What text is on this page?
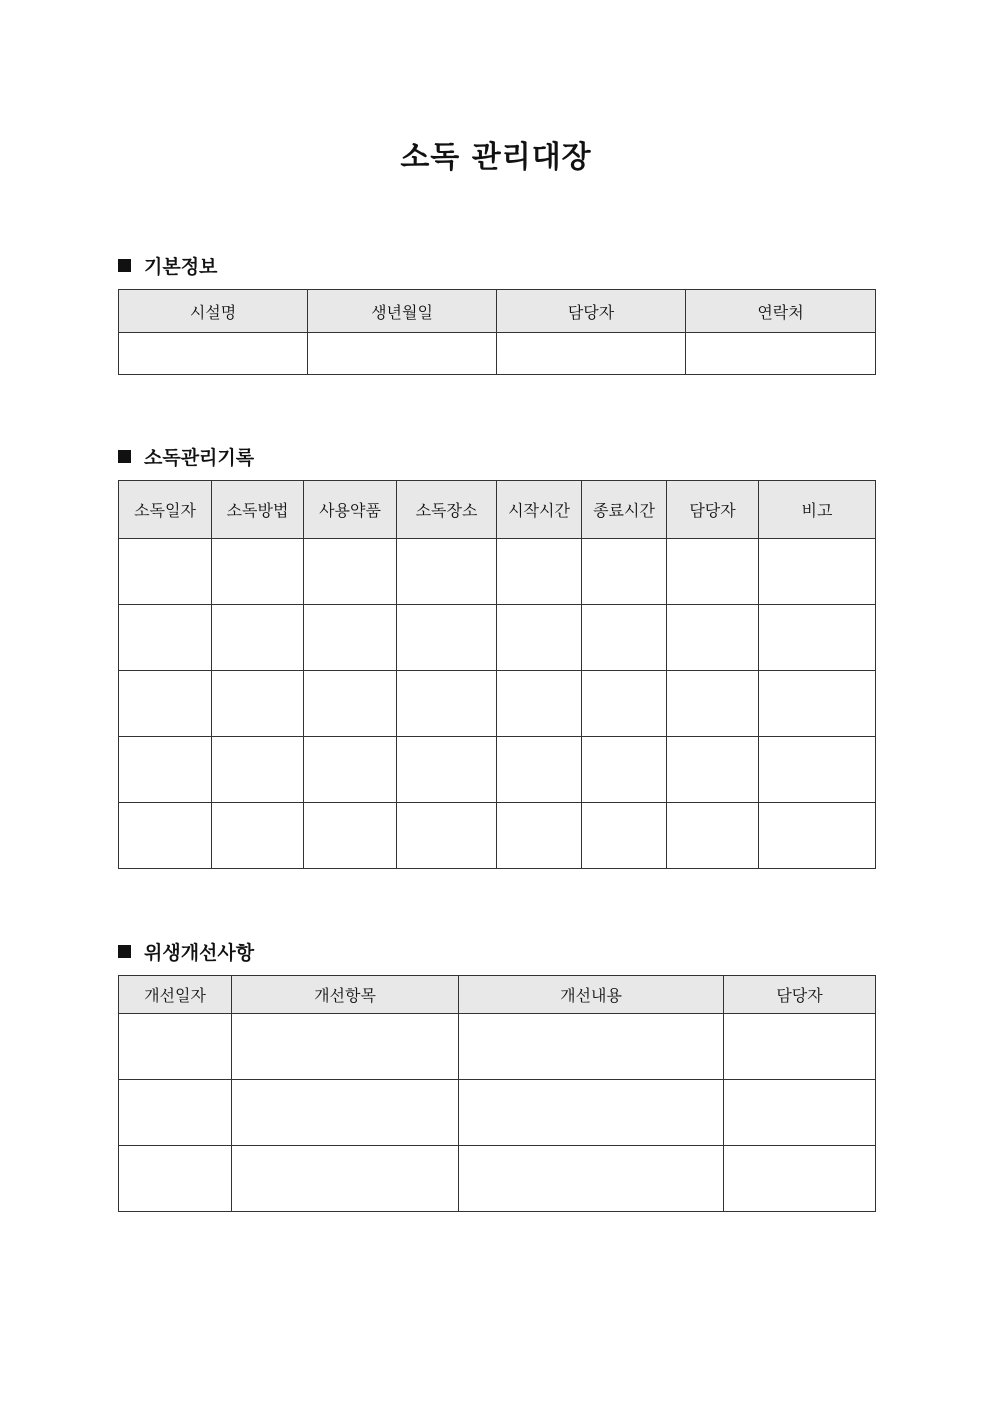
소독 관리대장
기본정보
시설명	생년월일	담당자	연락처

소독관리기록
소독일자	소독방법	사용약품	소독장소	시작시간	종료시간	담당자	비고

위생개선사항
개선일자	개선항목	개선내용	담당자
